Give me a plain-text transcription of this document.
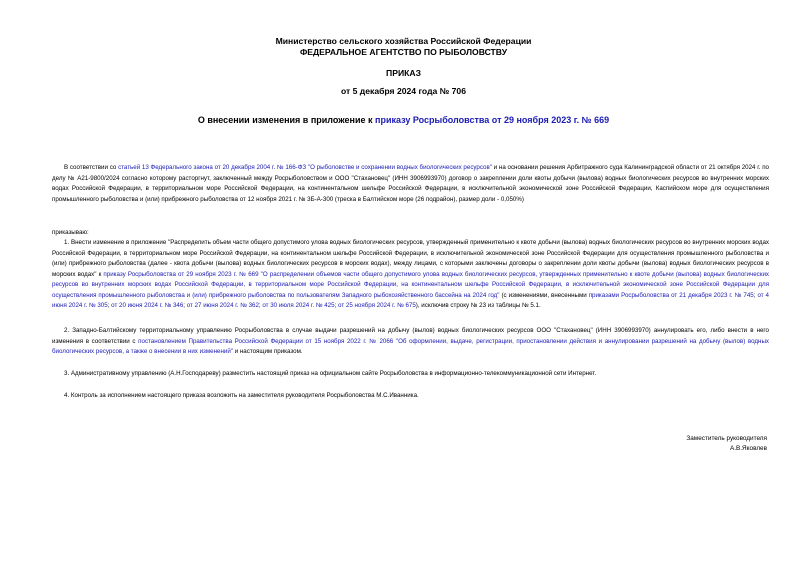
Министерство сельского хозяйства Российской Федерации
ФЕДЕРАЛЬНОЕ АГЕНТСТВО ПО РЫБОЛОВСТВУ
ПРИКАЗ
от 5 декабря 2024 года № 706
О внесении изменения в приложение к приказу Росрыболовства от 29 ноября 2023 г. № 669

В соответствии со статьей 13 Федерального закона от 20 декабря 2004 г. № 166-ФЗ "О рыболовстве и сохранении водных биологических ресурсов" и на основании решения Арбитражного суда Калининградской области от 21 октября 2024 г. по делу № А21-9800/2024 согласно которому расторгнут, заключенный между Росрыболовством и ООО "Стахановец" (ИНН 3906993970) договор о закреплении доли квоты добычи (вылова) водных биологических ресурсов во внутренних морских водах Российской Федерации, в территориальном море Российской Федерации, на континентальном шельфе Российской Федерации, в исключительной экономической зоне Российской Федерации, Каспийском море для осуществления промышленного рыболовства и (или) прибрежного рыболовства от 12 ноября 2021 г. № 3Б-А-300 (треска в Балтийском море (26 подрайон), размер доли - 0,050%)

приказываю:

1. Внести изменение в приложение "Распределить объем части общего допустимого улова водных биологических ресурсов, утвержденный применительно к квоте добычи (вылова) водных биологических ресурсов во внутренних морских водах Российской Федерации, в территориальном море Российской Федерации, на континентальном шельфе Российской Федерации, в исключительной экономической зоне Российской Федерации для осуществления промышленного рыболовства и (или) прибрежного рыболовства (далее - квота добычи (вылова) водных биологических ресурсов в морских водах), между лицами, с которыми заключены договоры о закреплении доли квоты добычи (вылова) водных биологических ресурсов в морских водах" к приказу Росрыболовства от 29 ноября 2023 г. № 669 "О распределении объемов части общего допустимого улова водных биологических ресурсов, утвержденных применительно к квоте добычи (вылова) водных биологических ресурсов во внутренних морских водах Российской Федерации, в территориальном море Российской Федерации, на континентальном шельфе Российской Федерации, в исключительной экономической зоне Российской Федерации для осуществления промышленного рыболовства и (или) прибрежного рыболовства по пользователям Западного рыбохозяйственного бассейна на 2024 год" (с изменениями, внесенными приказами Росрыболовства от 21 декабря 2023 г. № 745; от 4 июня 2024 г. № 305; от 20 июня 2024 г. № 346; от 27 июня 2024 г. № 362; от 30 июля 2024 г. № 425; от 25 ноября 2024 г. № 675), исключив строку № 23 из таблицы № 5.1.

2. Западно-Балтийскому территориальному управлению Росрыболовства в случае выдачи разрешений на добычу (вылов) водных биологических ресурсов ООО "Стахановец" (ИНН 3906993970) аннулировать его, либо внести в него изменения в соответствии с постановлением Правительства Российской Федерации от 15 ноября 2022 г. № 2066 "Об оформлении, выдаче, регистрации, приостановлении действия и аннулировании разрешений на добычу (вылов) водных биологических ресурсов, а также о внесении в них изменений" и настоящим приказом.

3. Административному управлению (А.Н.Господареву) разместить настоящий приказ на официальном сайте Росрыболовства в информационно-телекоммуникационной сети Интернет.

4. Контроль за исполнением настоящего приказа возложить на заместителя руководителя Росрыболовства М.С.Иванника.

Заместитель руководителя
А.В.Яковлев
